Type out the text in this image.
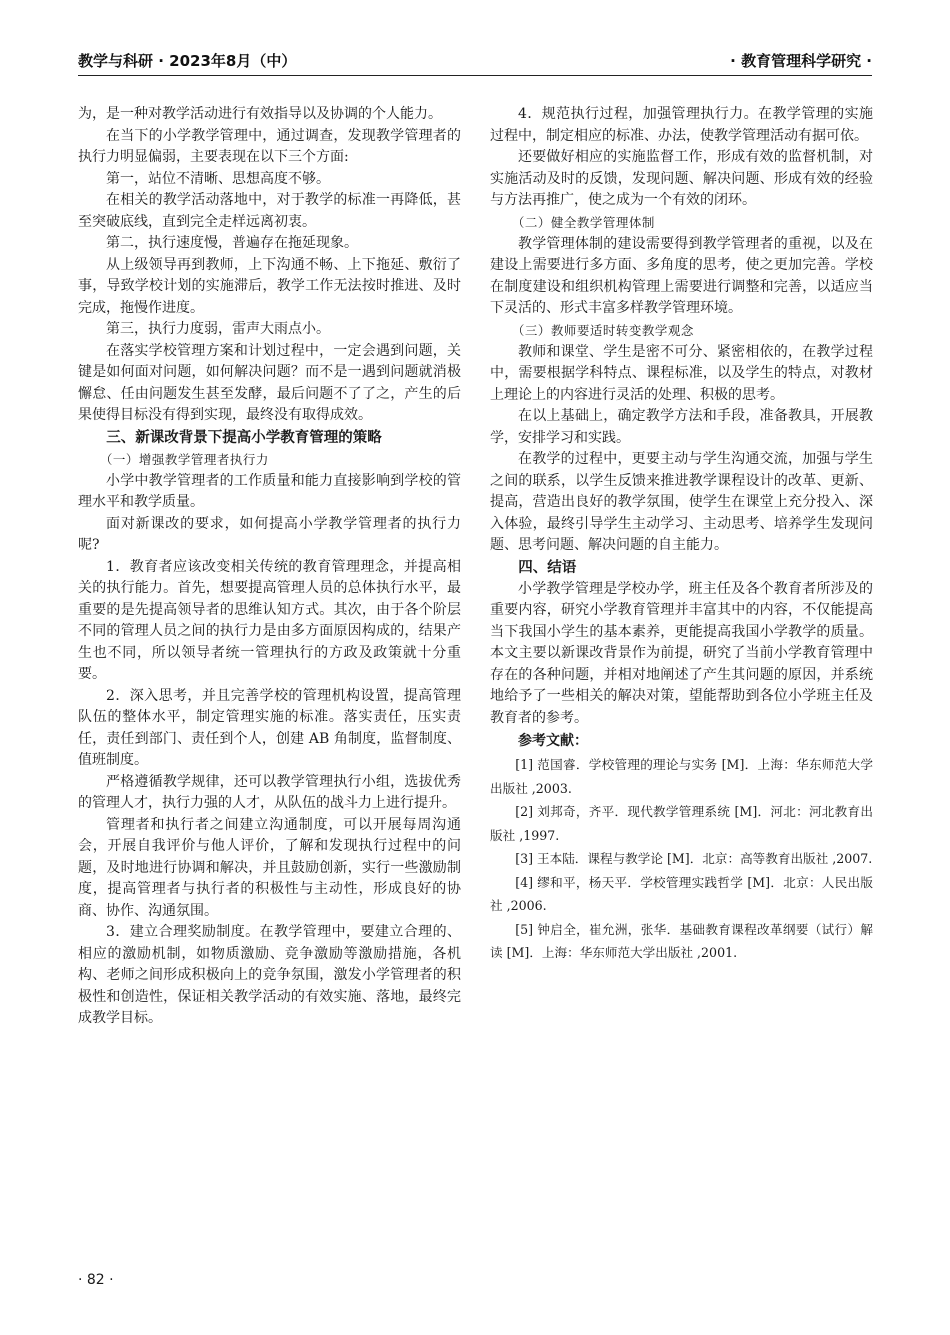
教学与科研 · 2023年8月（中）	· 教育管理科学研究 ·

为，是一种对教学活动进行有效指导以及协调的个人能力。

在当下的小学教学管理中，通过调查，发现教学管理者的执行力明显偏弱，主要表现在以下三个方面:

第一，站位不清晰、思想高度不够。

在相关的教学活动落地中，对于教学的标准一再降低，甚至突破底线，直到完全走样远离初衷。

第二，执行速度慢，普遍存在拖延现象。

从上级领导再到教师，上下沟通不畅、上下拖延、敷衍了事，导致学校计划的实施滞后，教学工作无法按时推进、及时完成，拖慢作进度。

第三，执行力度弱，雷声大雨点小。

在落实学校管理方案和计划过程中，一定会遇到问题，关键是如何面对问题，如何解决问题？而不是一遇到问题就消极懈怠、任由问题发生甚至发酵，最后问题不了了之，产生的后果使得目标没有得到实现，最终没有取得成效。

三、新课改背景下提高小学教育管理的策略

（一）增强教学管理者执行力

小学中教学管理者的工作质量和能力直接影响到学校的管理水平和教学质量。

面对新课改的要求，如何提高小学教学管理者的执行力呢?

1．教育者应该改变相关传统的教育管理理念，并提高相关的执行能力。首先，想要提高管理人员的总体执行水平，最重要的是先提高领导者的思维认知方式。其次，由于各个阶层不同的管理人员之间的执行力是由多方面原因构成的，结果产生也不同，所以领导者统一管理执行的方政及政策就十分重要。

2．深入思考，并且完善学校的管理机构设置，提高管理队伍的整体水平，制定管理实施的标准。落实责任，压实责任，责任到部门、责任到个人，创建 AB 角制度，监督制度、值班制度。

严格遵循教学规律，还可以教学管理执行小组，选拔优秀的管理人才，执行力强的人才，从队伍的战斗力上进行提升。

管理者和执行者之间建立沟通制度，可以开展每周沟通会，开展自我评价与他人评价，了解和发现执行过程中的问题，及时地进行协调和解决，并且鼓励创新，实行一些激励制度，提高管理者与执行者的积极性与主动性，形成良好的协商、协作、沟通氛围。

3．建立合理奖励制度。在教学管理中，要建立合理的、相应的激励机制，如物质激励、竞争激励等激励措施，各机构、老师之间形成积极向上的竞争氛围，激发小学管理者的积极性和创造性，保证相关教学活动的有效实施、落地，最终完成教学目标。

4．规范执行过程，加强管理执行力。在教学管理的实施过程中，制定相应的标准、办法，使教学管理活动有据可依。

还要做好相应的实施监督工作，形成有效的监督机制，对实施活动及时的反馈，发现问题、解决问题、形成有效的经验与方法再推广，使之成为一个有效的闭环。

（二）健全教学管理体制

教学管理体制的建设需要得到教学管理者的重视，以及在建设上需要进行多方面、多角度的思考，使之更加完善。学校在制度建设和组织机构管理上需要进行调整和完善，以适应当下灵活的、形式丰富多样教学管理环境。

（三）教师要适时转变教学观念

教师和课堂、学生是密不可分、紧密相依的，在教学过程中，需要根据学科特点、课程标准，以及学生的特点，对教材上理论上的内容进行灵活的处理、积极的思考。

在以上基础上，确定教学方法和手段，准备教具，开展教学，安排学习和实践。

在教学的过程中，更要主动与学生沟通交流，加强与学生之间的联系，以学生反馈来推进教学课程设计的改革、更新、提高，营造出良好的教学氛围，使学生在课堂上充分投入、深入体验，最终引导学生主动学习、主动思考、培养学生发现问题、思考问题、解决问题的自主能力。

四、结语

小学教学管理是学校办学，班主任及各个教育者所涉及的重要内容，研究小学教育管理并丰富其中的内容，不仅能提高当下我国小学生的基本素养，更能提高我国小学教学的质量。本文主要以新课改背景作为前提，研究了当前小学教育管理中存在的各种问题，并相对地阐述了产生其问题的原因，并系统地给予了一些相关的解决对策，望能帮助到各位小学班主任及教育者的参考。

参考文献：

[1] 范国睿．学校管理的理论与实务 [M]．上海：华东师范大学出版社 ,2003.

[2] 刘邦奇，齐平．现代教学管理系统 [M]．河北：河北教育出版社 ,1997.

[3] 王本陆．课程与教学论 [M]．北京：高等教育出版社 ,2007.

[4] 缪和平，杨天平．学校管理实践哲学 [M]．北京：人民出版社 ,2006.

[5] 钟启全，崔允洲，张华．基础教育课程改革纲要（试行）解读 [M]．上海：华东师范大学出版社 ,2001.

· 82 ·
